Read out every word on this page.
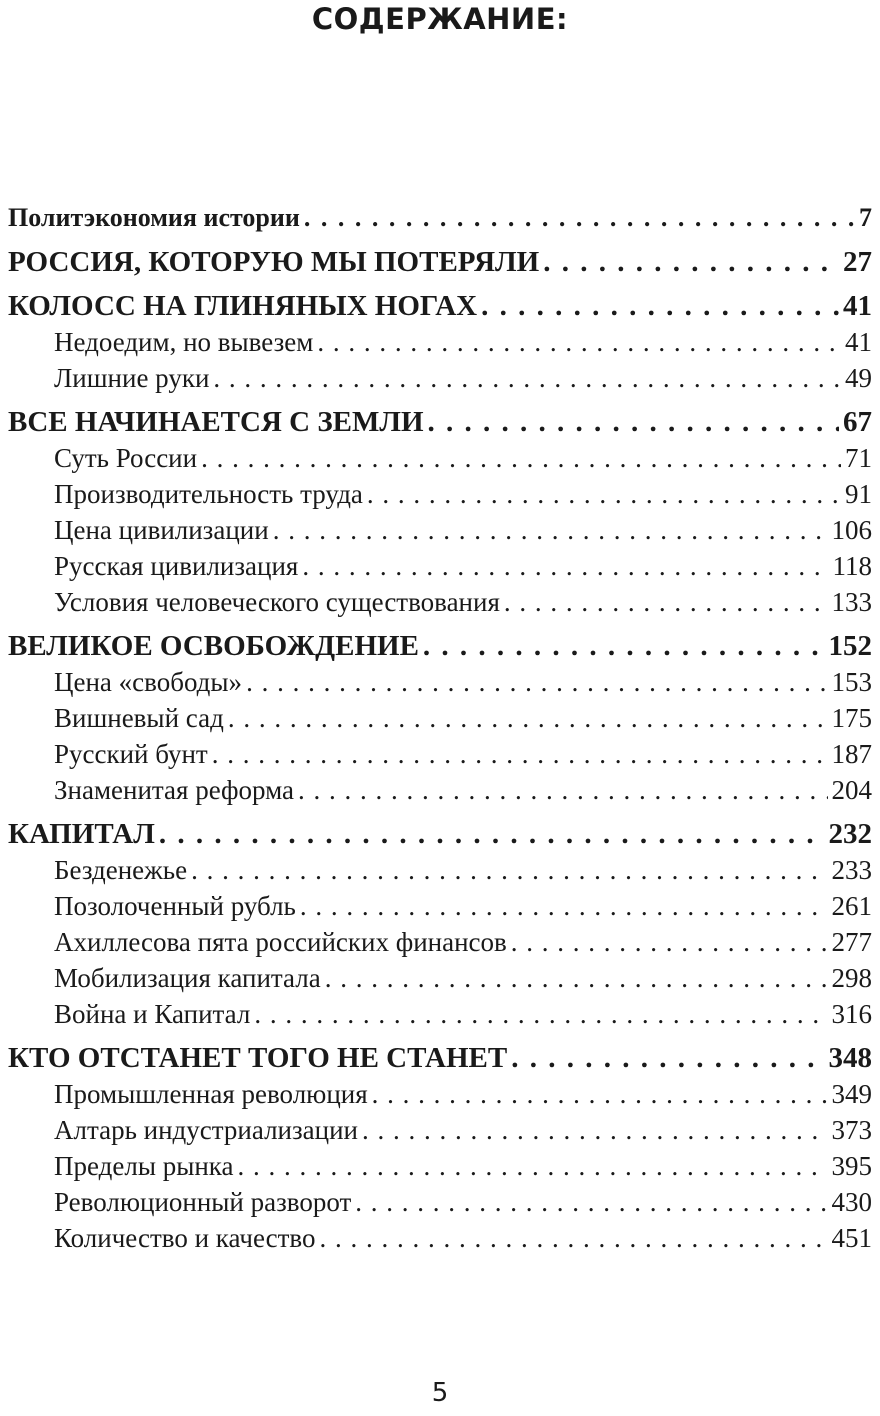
СОДЕРЖАНИЕ:
Политэкономия истории . . .	7
РОССИЯ, КОТОРУЮ МЫ ПОТЕРЯЛИ . . .	27
КОЛОСС НА ГЛИНЯНЫХ НОГАХ . . .	41
Недоедим, но вывезем . . .	41
Лишние руки . . .	49
ВСЕ НАЧИНАЕТСЯ С ЗЕМЛИ . . .	67
Суть России . . .	71
Производительность труда . . .	91
Цена цивилизации . . .	106
Русская цивилизация . . .	118
Условия человеческого существования . . .	133
ВЕЛИКОЕ ОСВОБОЖДЕНИЕ . . .	152
Цена «свободы» . . .	153
Вишневый сад . . .	175
Русский бунт . . .	187
Знаменитая реформа . . .	204
КАПИТАЛ . . .	232
Безденежье . . .	233
Позолоченный рубль . . .	261
Ахиллесова пята российских финансов . . .	277
Мобилизация капитала . . .	298
Война и Капитал . . .	316
КТО ОТСТАНЕТ ТОГО НЕ СТАНЕТ . . .	348
Промышленная революция . . .	349
Алтарь индустриализации . . .	373
Пределы рынка . . .	395
Революционный разворот . . .	430
Количество и качество . . .	451
5
